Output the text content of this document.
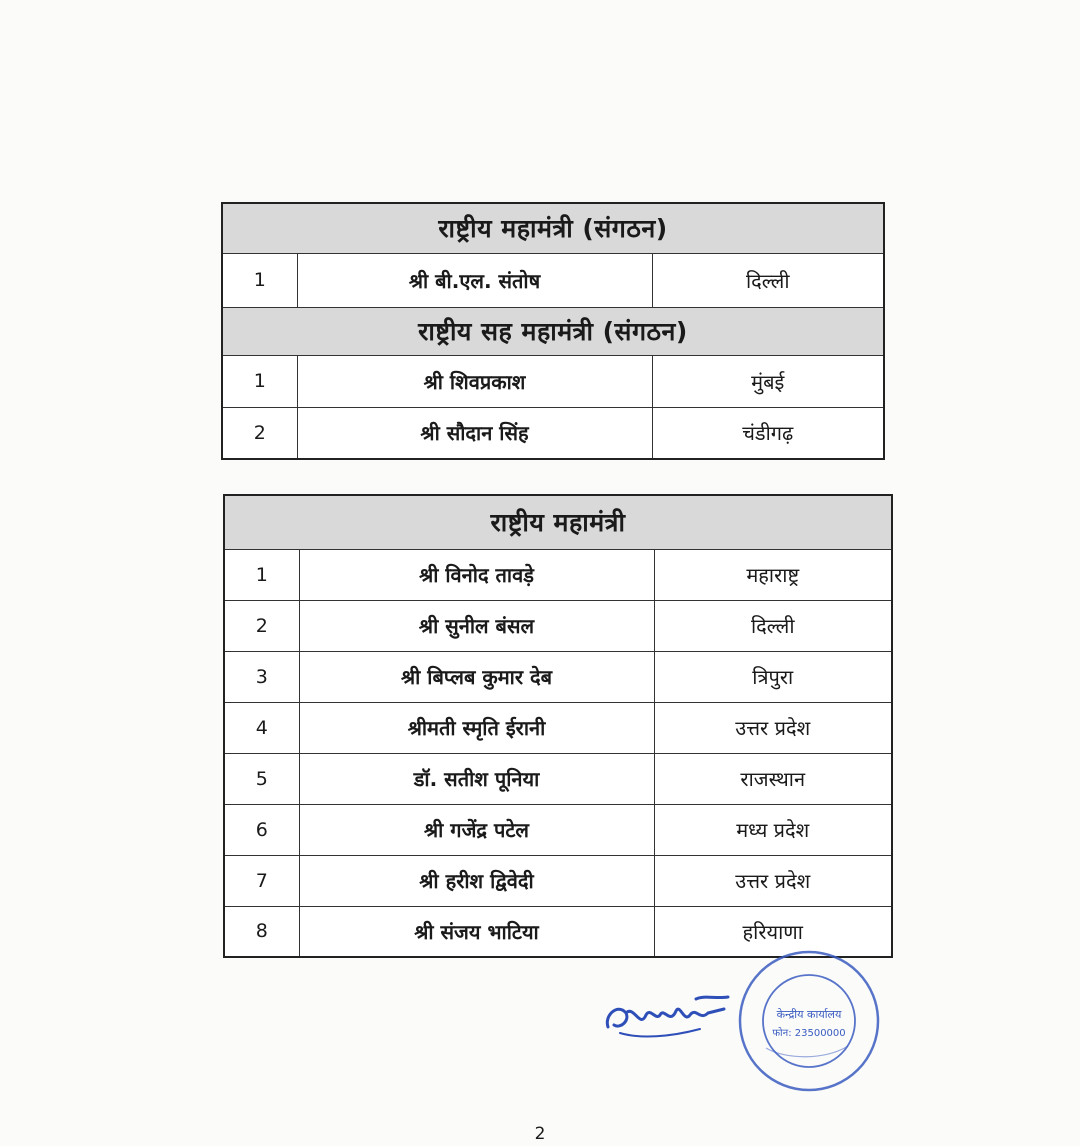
राष्ट्रीय महामंत्री (संगठन)		
1	श्री बी.एल. संतोष	दिल्ली
राष्ट्रीय सह महामंत्री (संगठन)		
1	श्री शिवप्रकाश	मुंबई
2	श्री सौदान सिंह	चंडीगढ़
राष्ट्रीय महामंत्री		
1	श्री विनोद तावड़े	महाराष्ट्र
2	श्री सुनील बंसल	दिल्ली
3	श्री बिप्लब कुमार देब	त्रिपुरा
4	श्रीमती स्मृति ईरानी	उत्तर प्रदेश
5	डॉ. सतीश पूनिया	राजस्थान
6	श्री गजेंद्र पटेल	मध्य प्रदेश
7	श्री हरीश द्विवेदी	उत्तर प्रदेश
8	श्री संजय भाटिया	हरियाणा
केन्द्रीय कार्यालय
फोन: 23500000
2
